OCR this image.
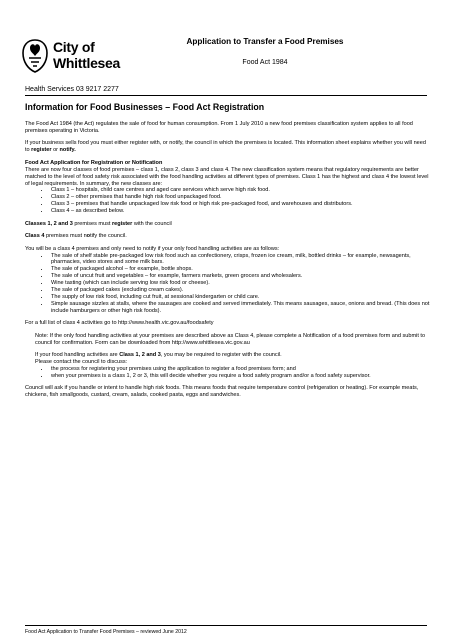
City of
Whittlesea
Application to Transfer a Food Premises
Food Act 1984
Health Services 03 9217 2277
Information for Food Businesses – Food Act Registration

The Food Act 1984 (the Act) regulates the sale of food for human consumption. From 1 July 2010 a new food premises classification system applies to all food premises operating in Victoria.

If your business sells food you must either register with, or notify, the council in which the premises is located. This information sheet explains whether you will need to register or notify.

Food Act Application for Registration or Notification

There are now four classes of food premises – class 1, class 2, class 3 and class 4. The new classification system means that regulatory requirements are better matched to the level of food safety risk associated with the food handling activities at different types of premises. Class 1 has the highest and class 4 the lowest level of legal requirements. In summary, the new classes are:

• Class 1 – hospitals, child care centres and aged care services which serve high risk food.
• Class 2 – other premises that handle high risk food unpackaged food.
• Class 3 – premises that handle unpackaged low risk food or high risk pre-packaged food, and warehouses and distributors.
• Class 4 – as described below.

Classes 1, 2 and 3 premises must register with the council

Class 4 premises must notify the council.

You will be a class 4 premises and only need to notify if your only food handling activities are as follows:

• The sale of shelf stable pre-packaged low risk food such as confectionery, crisps, frozen ice cream, milk, bottled drinks – for example, newsagents, pharmacies, video stores and some milk bars.
• The sale of packaged alcohol – for example, bottle shops.
• The sale of uncut fruit and vegetables – for example, farmers markets, green grocers and wholesalers.
• Wine tasting (which can include serving low risk food or cheese).
• The sale of packaged cakes (excluding cream cakes).
• The supply of low risk food, including cut fruit, at sessional kindergarten or child care.
• Simple sausage sizzles at stalls, where the sausages are cooked and served immediately. This means sausages, sauce, onions and bread. (This does not include hamburgers or other high risk foods).

For a full list of class 4 activities go to http://www.health.vic.gov.au/foodsafety

Note: If the only food handling activities at your premises are described above as Class 4, please complete a Notification of a food premises form and submit to council for confirmation. Form can be downloaded from http://www.whittlesea.vic.gov.au

If your food handling activities are Class 1, 2 and 3, you may be required to register with the council.

Please contact the council to discuss:

• the process for registering your premises using the application to register a food premises form; and
• when your premises is a class 1, 2 or 3, this will decide whether you require a food safety program and/or a food safety supervisor.

Council will ask if you handle or intent to handle high risk foods. This means foods that require temperature control (refrigeration or heating). For example meats, chickens, fish smallgoods, custard, cream, salads, cooked pasta, eggs and sandwiches.

Food Act Application to Transfer Food Premises – reviewed June 2012
